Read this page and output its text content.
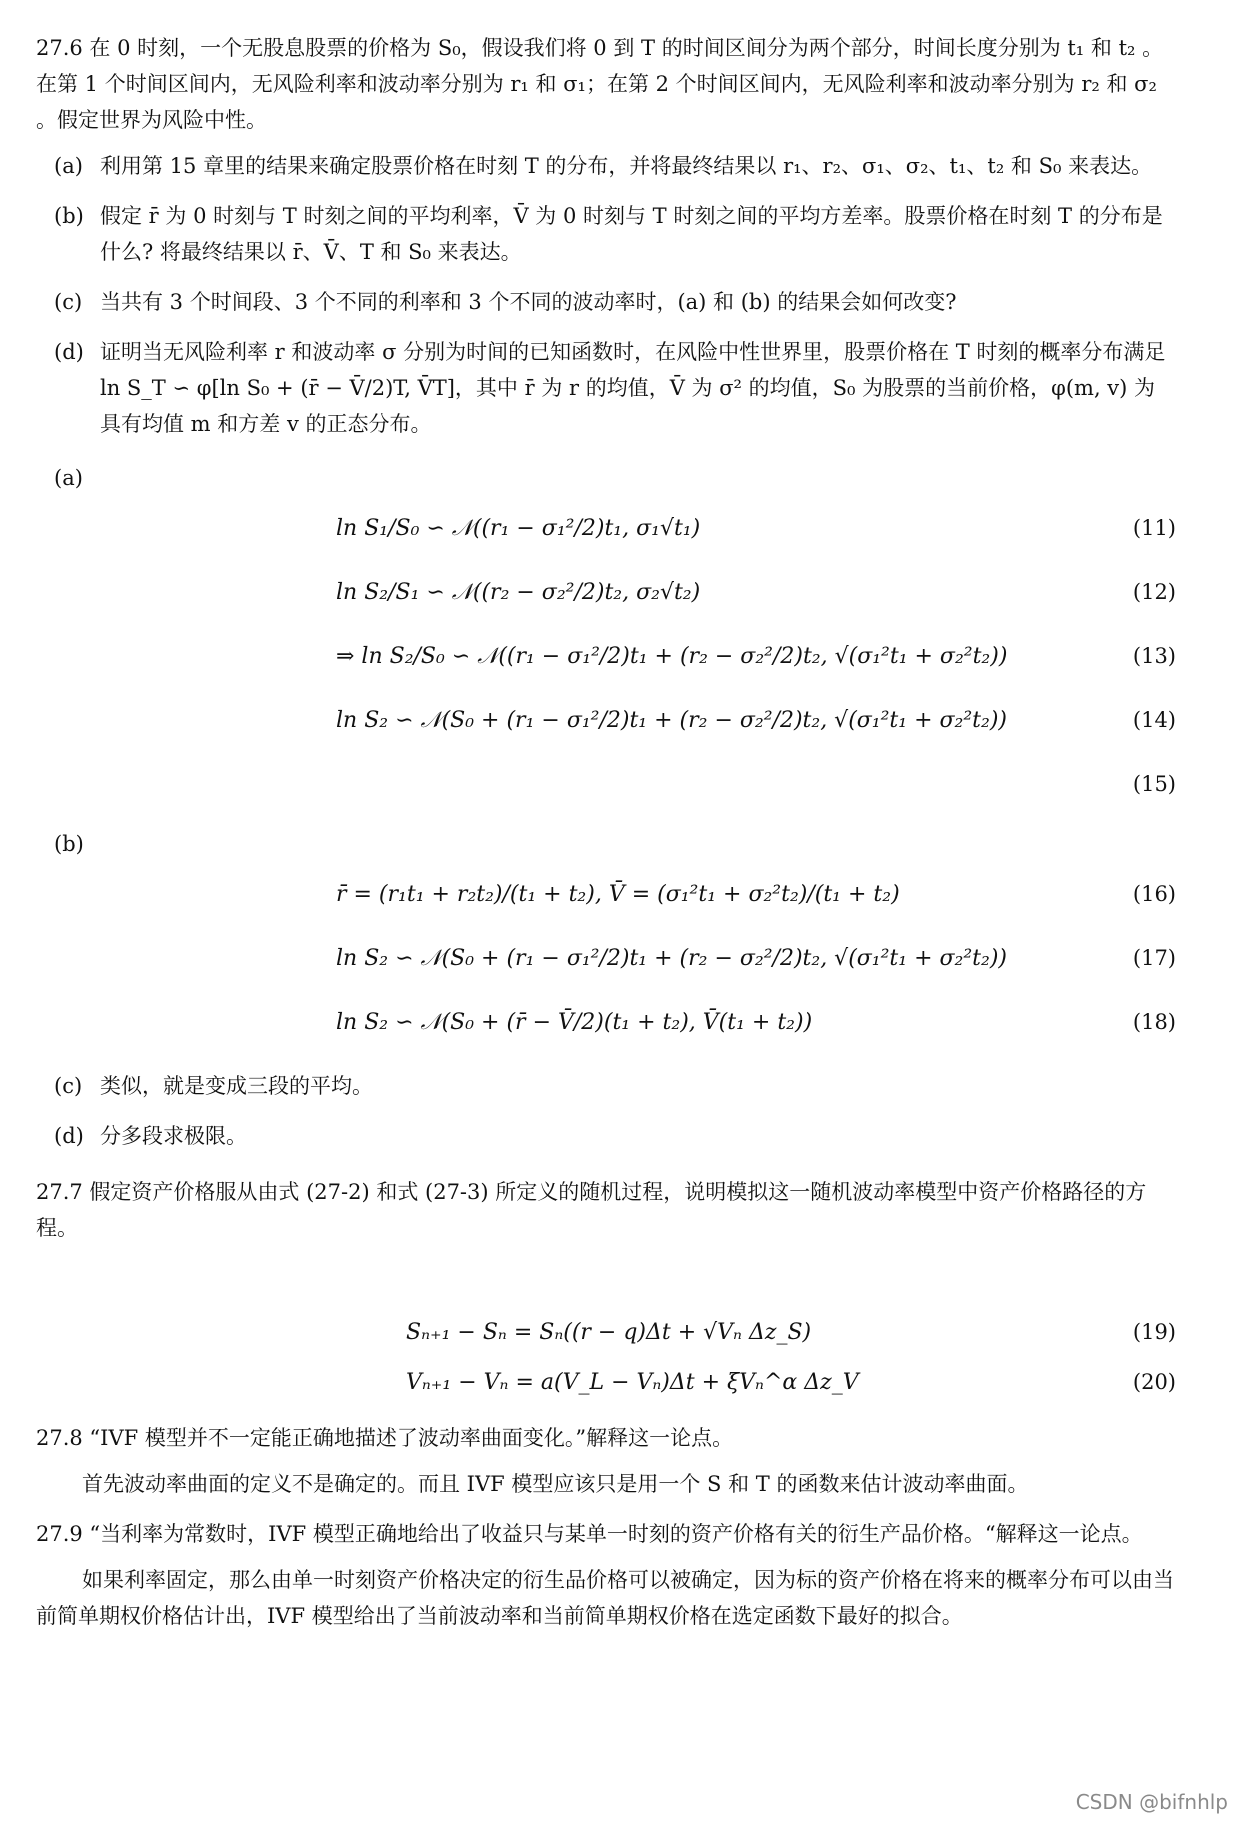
27.6 在 0 时刻，一个无股息股票的价格为 S₀，假设我们将 0 到 T 的时间区间分为两个部分，时间长度分别为 t₁ 和 t₂ 。在第 1 个时间区间内，无风险利率和波动率分别为 r₁ 和 σ₁；在第 2 个时间区间内，无风险利率和波动率分别为 r₂ 和 σ₂ 。假定世界为风险中性。

(a) 利用第 15 章里的结果来确定股票价格在时刻 T 的分布，并将最终结果以 r₁、r₂、σ₁、σ₂、t₁、t₂ 和 S₀ 来表达。
(b) 假定 r̄ 为 0 时刻与 T 时刻之间的平均利率，V̄ 为 0 时刻与 T 时刻之间的平均方差率。股票价格在时刻 T 的分布是什么? 将最终结果以 r̄、V̄、T 和 S₀ 来表达。
(c) 当共有 3 个时间段、3 个不同的利率和 3 个不同的波动率时，(a) 和 (b) 的结果会如何改变?
(d) 证明当无风险利率 r 和波动率 σ 分别为时间的已知函数时，在风险中性世界里，股票价格在 T 时刻的概率分布满足 ln S_T ∽ φ[ln S₀ + (r̄ − V̄/2)T, V̄T]，其中 r̄ 为 r 的均值，V̄ 为 σ² 的均值，S₀ 为股票的当前价格，φ(m, v) 为具有均值 m 和方差 v 的正态分布。
(a)
ln S₁/S₀ ∽ 𝒩((r₁ − σ₁²/2)t₁, σ₁√t₁)	(11)
ln S₂/S₁ ∽ 𝒩((r₂ − σ₂²/2)t₂, σ₂√t₂)	(12)
⇒ ln S₂/S₀ ∽ 𝒩((r₁ − σ₁²/2)t₁ + (r₂ − σ₂²/2)t₂, √(σ₁²t₁ + σ₂²t₂))	(13)
ln S₂ ∽ 𝒩(S₀ + (r₁ − σ₁²/2)t₁ + (r₂ − σ₂²/2)t₂, √(σ₁²t₁ + σ₂²t₂))	(14)
(15)
(b)
r̄ = (r₁t₁ + r₂t₂)/(t₁ + t₂), V̄ = (σ₁²t₁ + σ₂²t₂)/(t₁ + t₂)	(16)
ln S₂ ∽ 𝒩(S₀ + (r₁ − σ₁²/2)t₁ + (r₂ − σ₂²/2)t₂, √(σ₁²t₁ + σ₂²t₂))	(17)
ln S₂ ∽ 𝒩(S₀ + (r̄ − V̄/2)(t₁ + t₂), V̄(t₁ + t₂))	(18)
(c) 类似，就是变成三段的平均。
(d) 分多段求极限。

27.7 假定资产价格服从由式 (27-2) 和式 (27-3) 所定义的随机过程，说明模拟这一随机波动率模型中资产价格路径的方程。

Sₙ₊₁ − Sₙ = Sₙ((r − q)Δt + √Vₙ Δz_S)	(19)
Vₙ₊₁ − Vₙ = a(V_L − Vₙ)Δt + ξVₙ^α Δz_V	(20)

27.8 “IVF 模型并不一定能正确地描述了波动率曲面变化。”解释这一论点。

首先波动率曲面的定义不是确定的。而且 IVF 模型应该只是用一个 S 和 T 的函数来估计波动率曲面。

27.9 “当利率为常数时，IVF 模型正确地给出了收益只与某单一时刻的资产价格有关的衍生产品价格。“解释这一论点。

如果利率固定，那么由单一时刻资产价格决定的衍生品价格可以被确定，因为标的资产价格在将来的概率分布可以由当前简单期权价格估计出，IVF 模型给出了当前波动率和当前简单期权价格在选定函数下最好的拟合。

CSDN @bifnhlp
